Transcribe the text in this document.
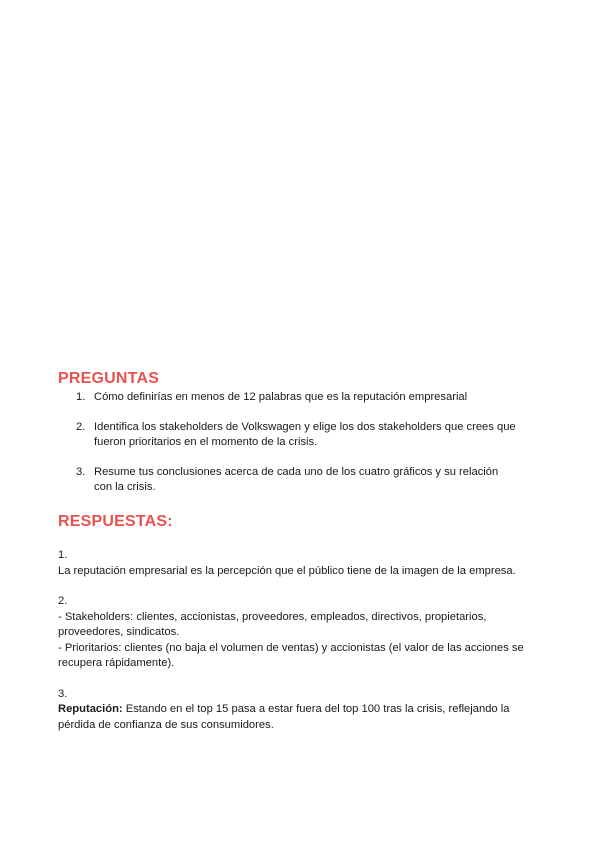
PREGUNTAS
1. Cómo definirías en menos de 12 palabras que es la reputación empresarial
2. Identifica los stakeholders de Volkswagen y elige los dos stakeholders que crees que fueron prioritarios en el momento de la crisis.
3. Resume tus conclusiones acerca de cada uno de los cuatro gráficos y su relación con la crisis.
RESPUESTAS:

1.

La reputación empresarial es la percepción que el público tiene de la imagen de la empresa.

2.

- Stakeholders: clientes, accionistas, proveedores, empleados, directivos, propietarios, proveedores, sindicatos.

- Prioritarios: clientes (no baja el volumen de ventas) y accionistas (el valor de las acciones se recupera rápidamente).

3.

Reputación: Estando en el top 15 pasa a estar fuera del top 100 tras la crisis, reflejando la pérdida de confianza de sus consumidores.
